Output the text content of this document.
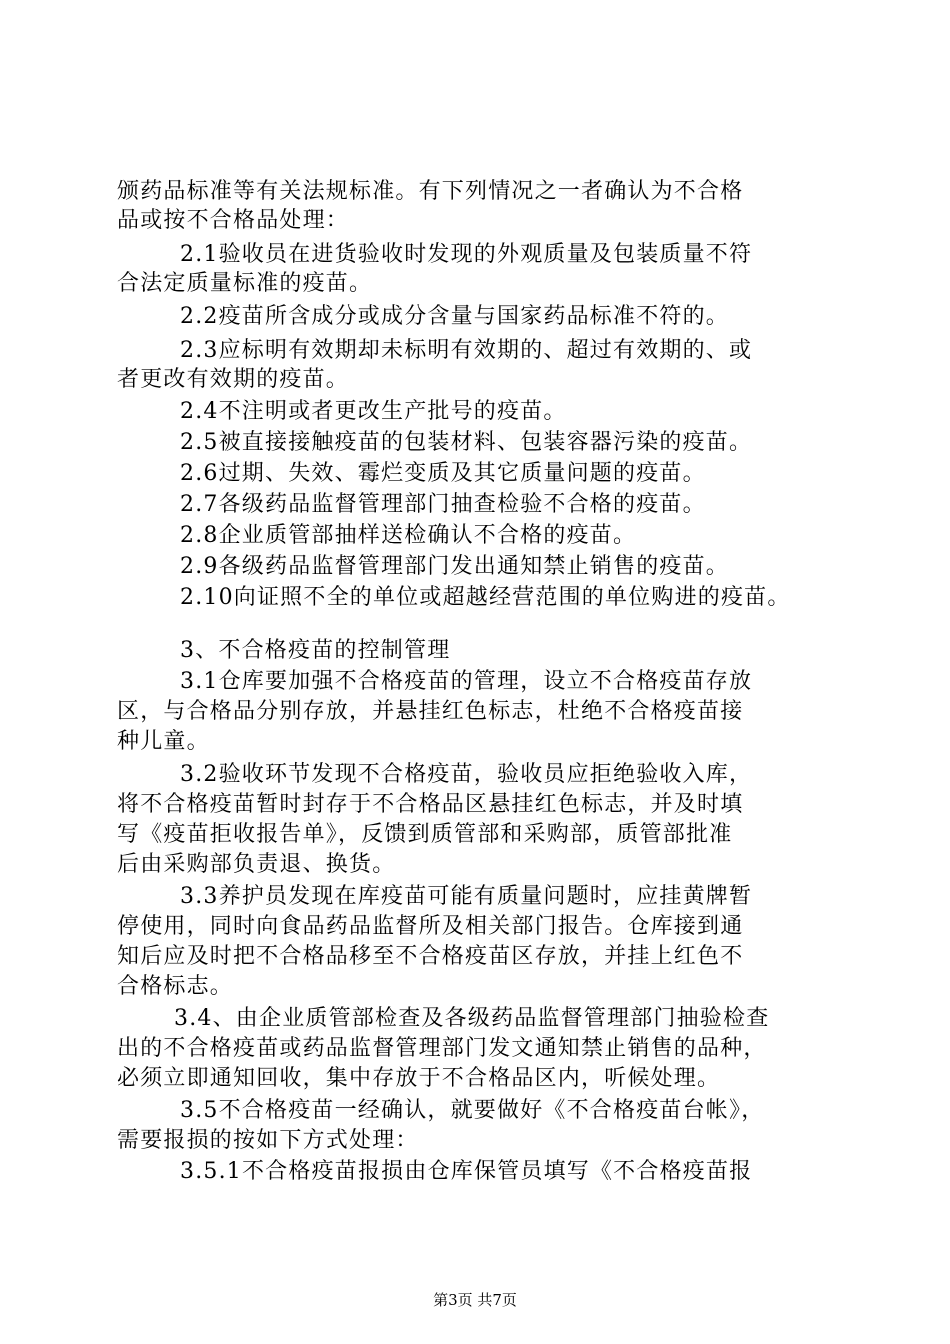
颁药品标准等有关法规标准。有下列情况之一者确认为不合格
品或按不合格品处理：
2.1验收员在进货验收时发现的外观质量及包装质量不符
合法定质量标准的疫苗。
2.2疫苗所含成分或成分含量与国家药品标准不符的。
2.3应标明有效期却未标明有效期的、超过有效期的、或
者更改有效期的疫苗。
2.4不注明或者更改生产批号的疫苗。
2.5被直接接触疫苗的包装材料、包装容器污染的疫苗。
2.6过期、失效、霉烂变质及其它质量问题的疫苗。
2.7各级药品监督管理部门抽查检验不合格的疫苗。
2.8企业质管部抽样送检确认不合格的疫苗。
2.9各级药品监督管理部门发出通知禁止销售的疫苗。
2.10向证照不全的单位或超越经营范围的单位购进的疫苗。
3、不合格疫苗的控制管理
3.1仓库要加强不合格疫苗的管理，设立不合格疫苗存放
区，与合格品分别存放，并悬挂红色标志，杜绝不合格疫苗接
种儿童。
3.2验收环节发现不合格疫苗，验收员应拒绝验收入库，
将不合格疫苗暂时封存于不合格品区悬挂红色标志，并及时填
写《疫苗拒收报告单》，反馈到质管部和采购部，质管部批准
后由采购部负责退、换货。
3.3养护员发现在库疫苗可能有质量问题时，应挂黄牌暂
停使用，同时向食品药品监督所及相关部门报告。仓库接到通
知后应及时把不合格品移至不合格疫苗区存放，并挂上红色不
合格标志。
3.4、由企业质管部检查及各级药品监督管理部门抽验检查
出的不合格疫苗或药品监督管理部门发文通知禁止销售的品种，
必须立即通知回收，集中存放于不合格品区内，听候处理。
3.5不合格疫苗一经确认，就要做好《不合格疫苗台帐》，
需要报损的按如下方式处理：
3.5.1不合格疫苗报损由仓库保管员填写《不合格疫苗报
第3页 共7页
